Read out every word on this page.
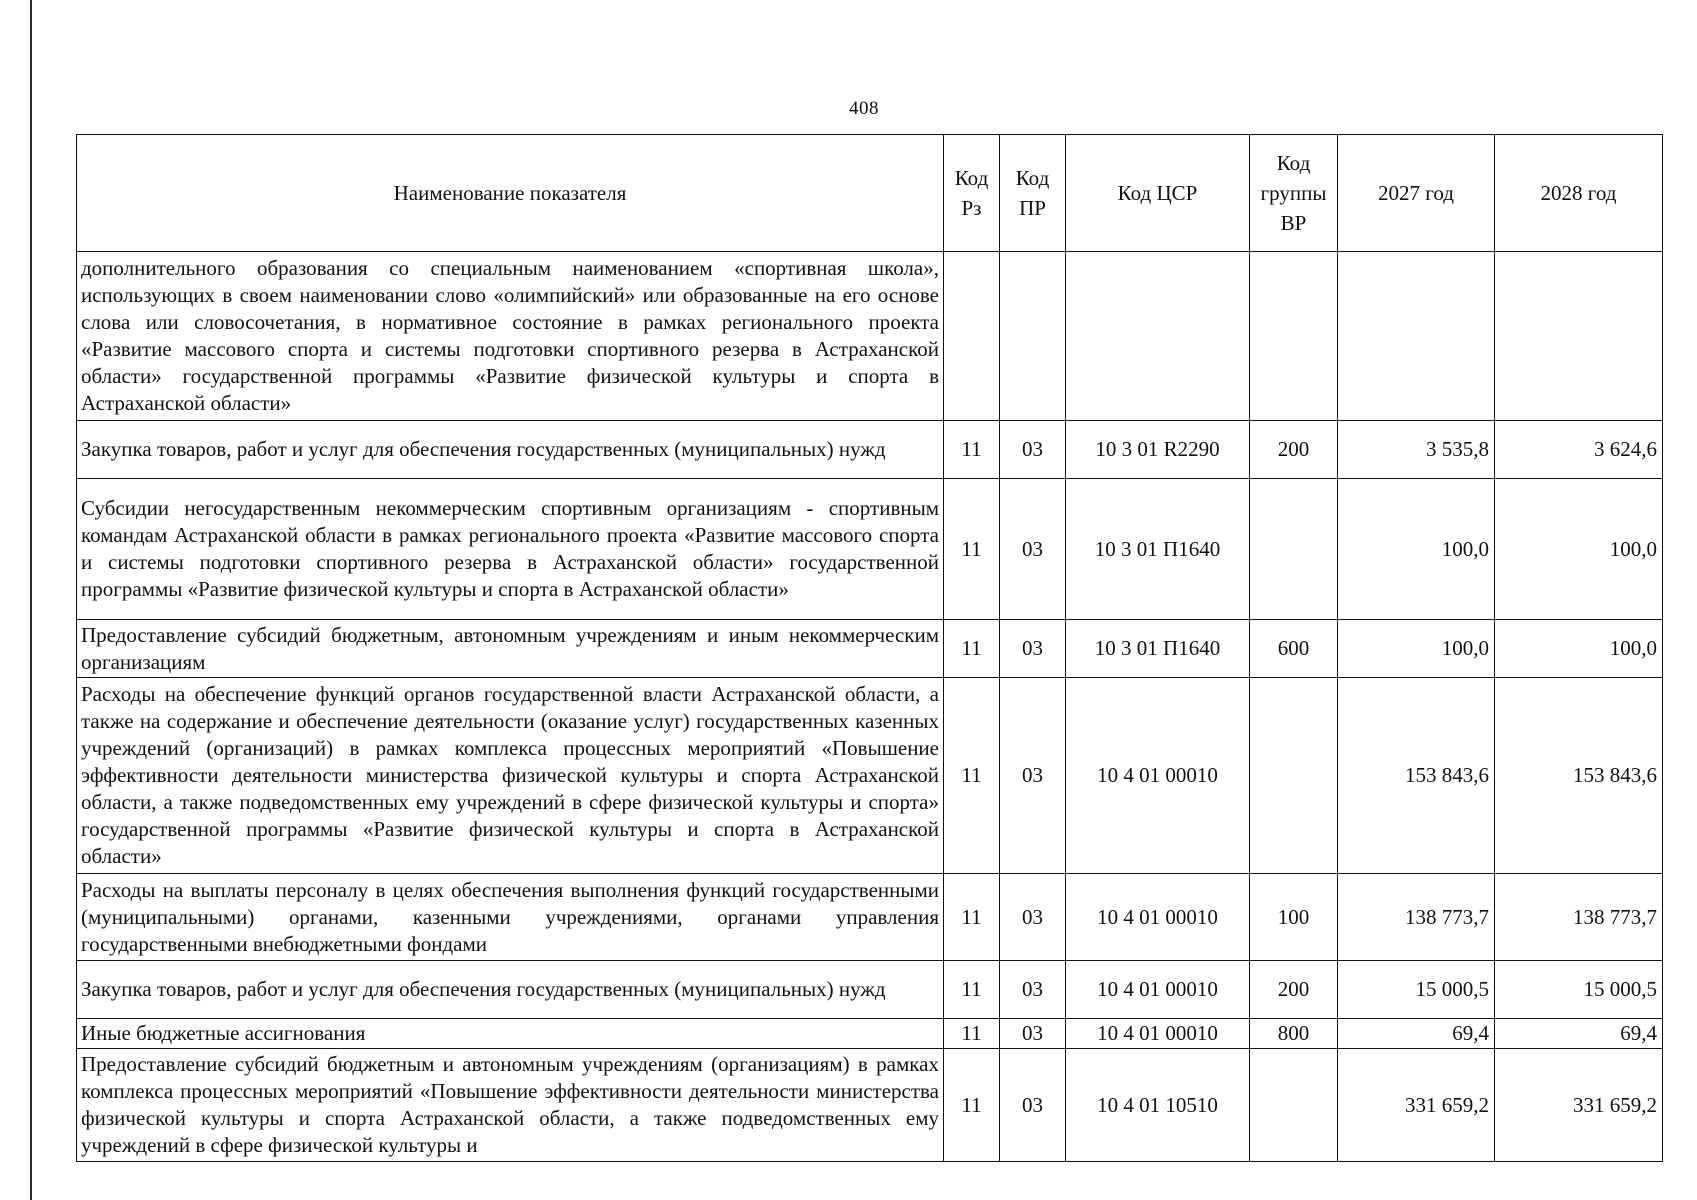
408
Наименование показателя	Код Рз	Код ПР	Код ЦСР	Код группы ВР	2027 год	2028 год
дополнительного образования со специальным наименованием «спортивная школа», использующих в своем наименовании слово «олимпийский» или образованные на его основе слова или словосочетания, в нормативное состояние в рамках регионального проекта «Развитие массового спорта и системы подготовки спортивного резерва в Астраханской области» государственной программы «Развитие физической культуры и спорта в Астраханской области»						
Закупка товаров, работ и услуг для обеспечения государственных (муниципальных) нужд	11	03	10 3 01 R2290	200	3 535,8	3 624,6
Субсидии негосударственным некоммерческим спортивным организациям - спортивным командам Астраханской области в рамках регионального проекта «Развитие массового спорта и системы подготовки спортивного резерва в Астраханской области» государственной программы «Развитие физической культуры и спорта в Астраханской области»	11	03	10 3 01 П1640		100,0	100,0
Предоставление субсидий бюджетным, автономным учреждениям и иным некоммерческим организациям	11	03	10 3 01 П1640	600	100,0	100,0
Расходы на обеспечение функций органов государственной власти Астраханской области, а также на содержание и обеспечение деятельности (оказание услуг) государственных казенных учреждений (организаций) в рамках комплекса процессных мероприятий «Повышение эффективности деятельности министерства физической культуры и спорта Астраханской области, а также подведомственных ему учреждений в сфере физической культуры и спорта» государственной программы «Развитие физической культуры и спорта в Астраханской области»	11	03	10 4 01 00010		153 843,6	153 843,6
Расходы на выплаты персоналу в целях обеспечения выполнения функций государственными (муниципальными) органами, казенными учреждениями, органами управления государственными внебюджетными фондами	11	03	10 4 01 00010	100	138 773,7	138 773,7
Закупка товаров, работ и услуг для обеспечения государственных (муниципальных) нужд	11	03	10 4 01 00010	200	15 000,5	15 000,5
Иные бюджетные ассигнования	11	03	10 4 01 00010	800	69,4	69,4
Предоставление субсидий бюджетным и автономным учреждениям (организациям) в рамках комплекса процессных мероприятий «Повышение эффективности деятельности министерства физической культуры и спорта Астраханской области, а также подведомственных ему учреждений в сфере физической культуры и	11	03	10 4 01 10510		331 659,2	331 659,2
